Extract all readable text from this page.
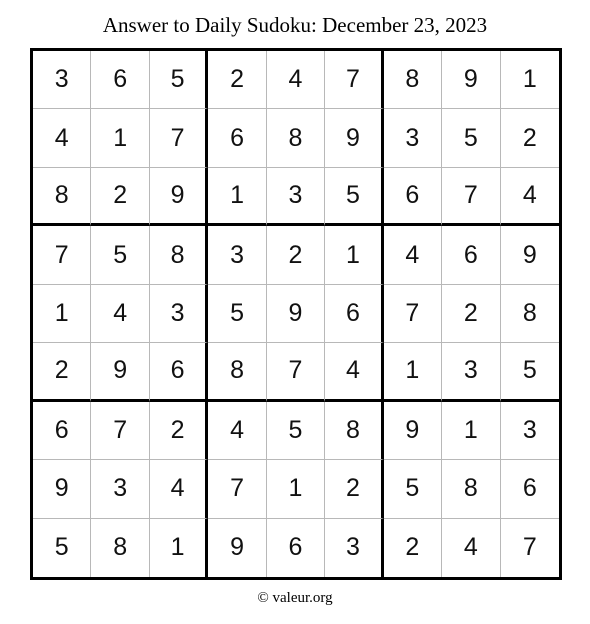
Answer to Daily Sudoku: December 23, 2023
3	6	5	2	4	7	8	9	1
4	1	7	6	8	9	3	5	2
8	2	9	1	3	5	6	7	4
7	5	8	3	2	1	4	6	9
1	4	3	5	9	6	7	2	8
2	9	6	8	7	4	1	3	5
6	7	2	4	5	8	9	1	3
9	3	4	7	1	2	5	8	6
5	8	1	9	6	3	2	4	7
© valeur.org
